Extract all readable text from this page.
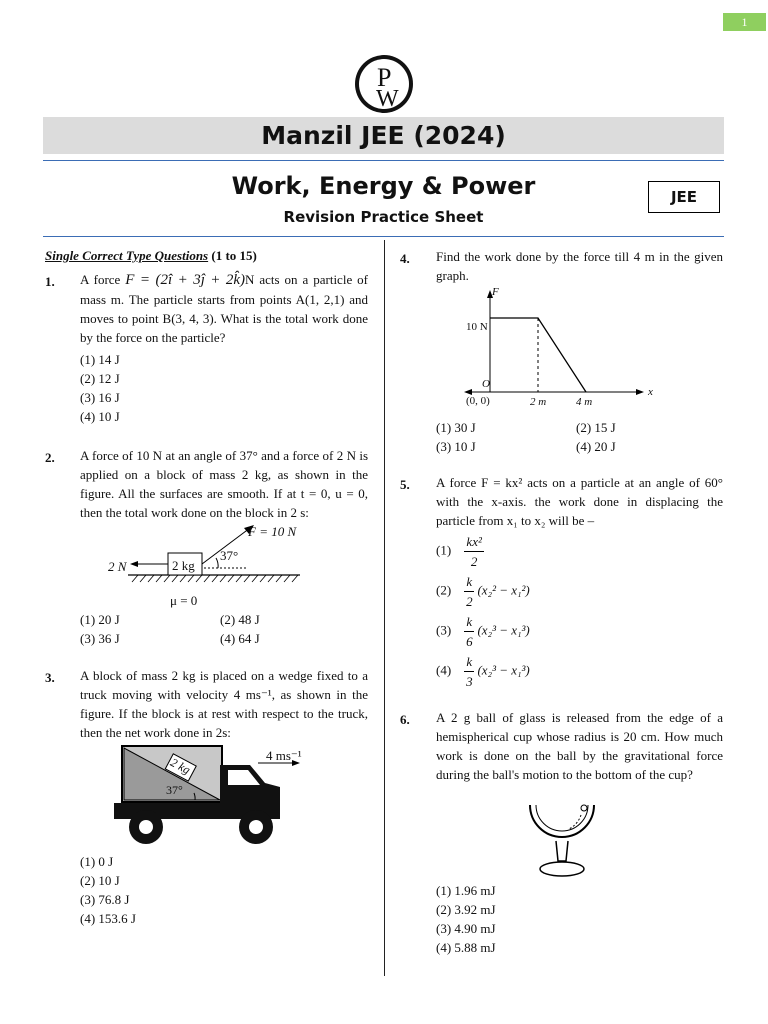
1
P
W
Manzil JEE (2024)
Work, Energy & Power
Revision Practice Sheet
JEE
Single Correct Type Questions (1 to 15)
1. A force F = (2î + 3ĵ + 2k̂)N acts on a particle of mass m. The particle starts from points A(1, 2,1) and moves to point B(3, 4, 3). What is the total work done by the force on the particle?
(1) 14 J
(2) 12 J
(3) 16 J
(4) 10 J
2. A force of 10 N at an angle of 37° and a force of 2 N is applied on a block of mass 2 kg, as shown in the figure. All the surfaces are smooth. If at t = 0, u = 0, then the total work done on the block in 2 s:
F = 10 N
37°
2 N	2 kg
μ = 0
(1) 20 J	(2) 48 J
(3) 36 J	(4) 64 J
3. A block of mass 2 kg is placed on a wedge fixed to a truck moving with velocity 4 ms⁻¹, as shown in the figure. If the block is at rest with respect to the truck, then the net work done in 2s:
4 ms⁻¹
2 kg
37°
(1) 0 J
(2) 10 J
(3) 76.8 J
(4) 153.6 J
4. Find the work done by the force till 4 m in the given graph.
F
x
10 N
O
(0, 0)	2 m	4 m
(1) 30 J	(2) 15 J
(3) 10 J	(4) 20 J
5. A force F = kx² acts on a particle at an angle of 60° with the x-axis. the work done in displacing the particle from x₁ to x₂ will be –
$(1) \frac{\text{kx²}}{2}$
$(2) \frac{k}{2} (x_2^2 - x_1^2)$
$(3) \frac{k}{6} (x_2^3 - x_1^3)$
$(4) \frac{k}{3} (x_2^3 - x_1^3)$
6. A 2 g ball of glass is released from the edge of a hemispherical cup whose radius is 20 cm. How much work is done on the ball by the gravitational force during the ball's motion to the bottom of the cup?
(1) 1.96 mJ
(2) 3.92 mJ
(3) 4.90 mJ
(4) 5.88 mJ
